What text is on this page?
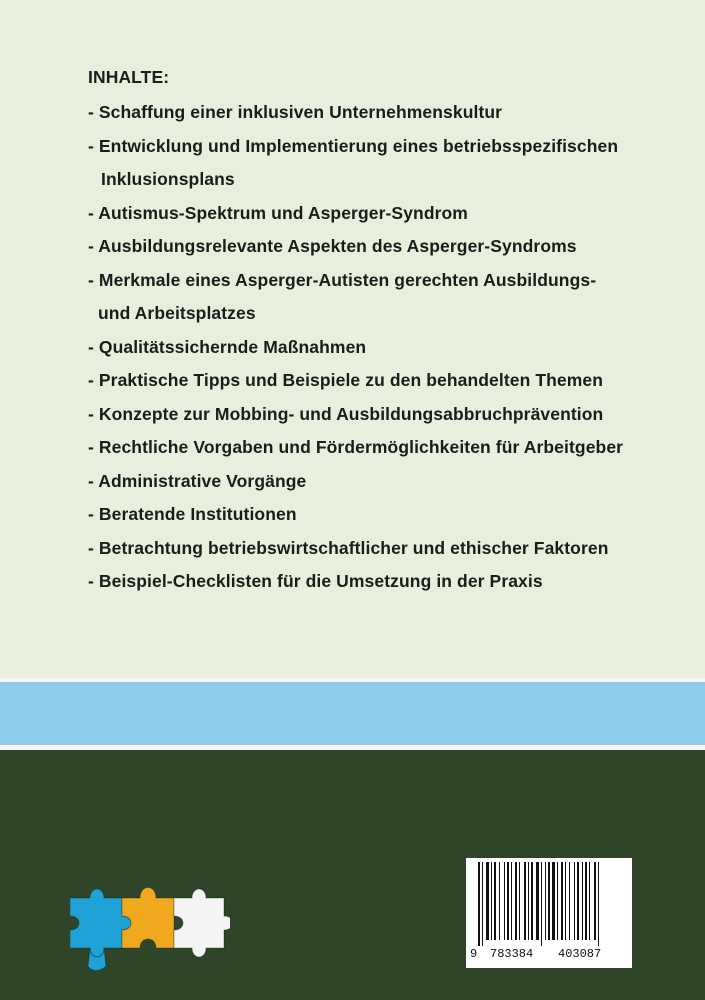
INHALTE:
- Schaffung einer inklusiven Unternehmenskultur
- Entwicklung und Implementierung eines betriebsspezifischen
Inklusionsplans
- Autismus-Spektrum und Asperger-Syndrom
- Ausbildungsrelevante Aspekten des Asperger-Syndroms
- Merkmale eines Asperger-Autisten gerechten Ausbildungs-
und Arbeitsplatzes
- Qualitätssichernde Maßnahmen
- Praktische Tipps und Beispiele zu den behandelten Themen
- Konzepte zur Mobbing- und Ausbildungsabbruchprävention
- Rechtliche Vorgaben und Fördermöglichkeiten für Arbeitgeber
- Administrative Vorgänge
- Beratende Institutionen
- Betrachtung betriebswirtschaftlicher und ethischer Faktoren
- Beispiel-Checklisten für die Umsetzung in der Praxis
9 783384 403087
